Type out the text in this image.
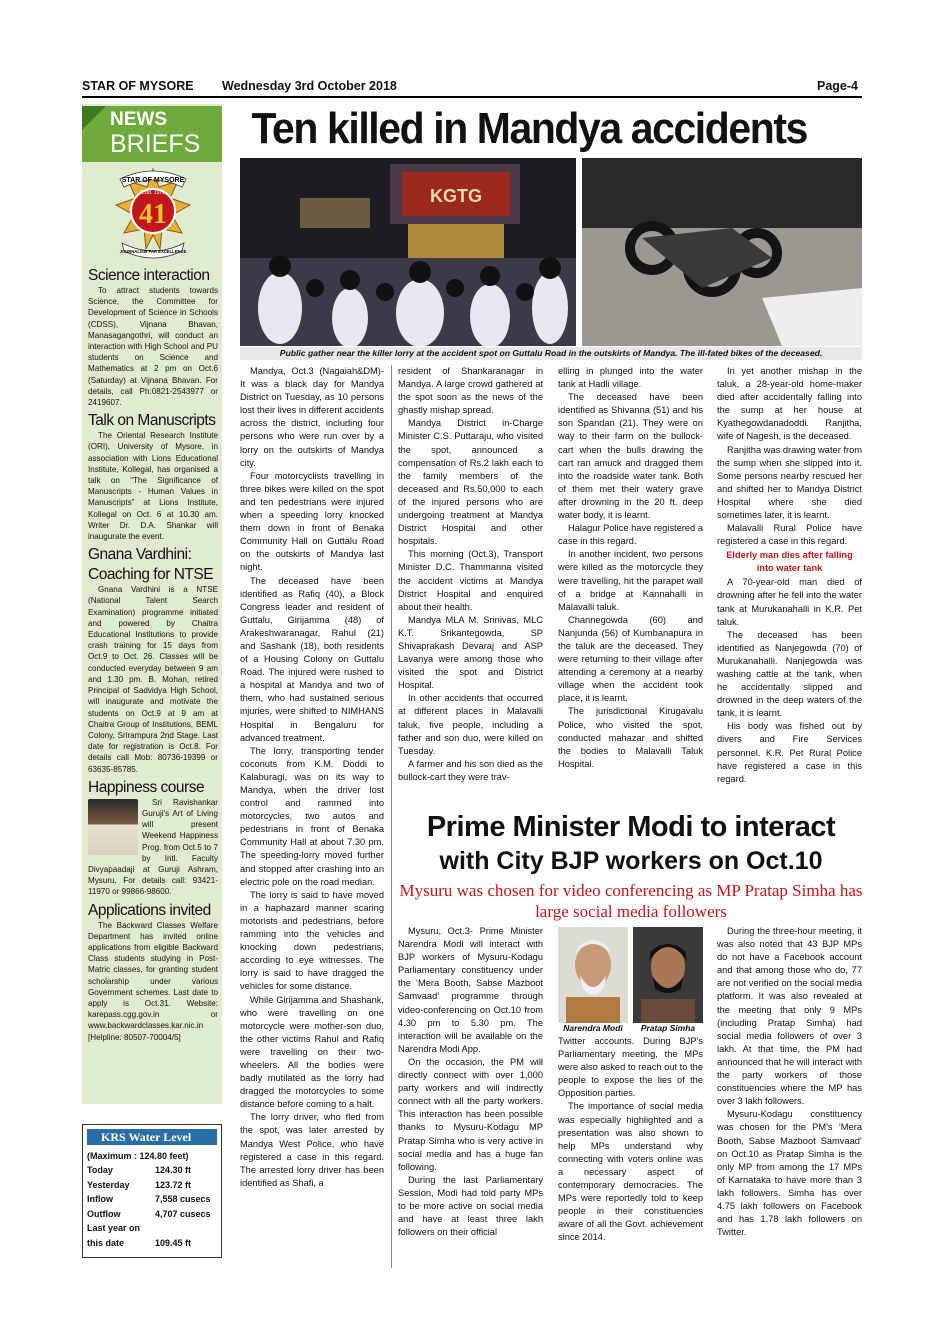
STAR OF MYSORE Wednesday 3rd October 2018	Page-4
NEWS
BRIEFS
STAR OF MYSORE
Estd. 1978
41
JOURNALISM PAR EXCELLENCE
Science interaction
To attract students towards Science, the Committee for Development of Science in Schools (CDSS), Vijnana Bhavan, Manasagangothri, will conduct an interaction with High School and PU students on Science and Mathematics at 2 pm on Oct.6 (Saturday) at Vijnana Bhavan. For details, call Ph:0821-2543977 or 2419607.
Talk on Manuscripts
The Oriental Research Institute (ORI), University of Mysore, in association with Lions Educational Institute, Kollegal, has organised a talk on “The Significance of Manuscripts - Human Values in Manuscripts” at Lions Institute, Kollegal on Oct. 6 at 10.30 am. Writer Dr. D.A. Shankar will inaugurate the event.
Gnana Vardhini:
Coaching for NTSE
Gnana Vardhini is a NTSE (National Talent Search Examination) programme initiated and powered by Chaitra Educational Institutions to provide crash training for 15 days from Oct.9 to Oct. 26. Classes will be conducted everyday between 9 am and 1.30 pm. B. Mohan, retired Principal of Sadvidya High School, will inaugurate and motivate the students on Oct.9 at 9 am at Chaitra Group of Institutions, BEML Colony, Srirampura 2nd Stage. Last date for registration is Oct.8. For details call Mob: 80736-19399 or 63635-85785.
Happiness course
Sri Ravishankar Guruji's Art of Living will present Weekend Happiness Prog. from Oct.5 to 7 by Intl. Faculty Divyapaadaji at Guruji Ashram, Mysuru. For details call: 93421-11970 or 99866-98600.
Applications invited
The Backward Classes Welfare Department has invited online applications from eligible Backward Class students studying in Post-Matric classes, for granting student scholarship under various Government schemes. Last date to apply is Oct.31. Website: karepass.cgg.gov.in or www.backwardclasses.kar.nic.in [Helpline: 80507-70004/5]
KRS Water Level
(Maximum : 124.80 feet)
Today	124.30 ft
Yesterday	123.72 ft
Inflow	7,558 cusecs
Outflow	4,707 cusecs
Last year on
this date	109.45 ft
Ten killed in Mandya accidents
KGTG
Public gather near the killer lorry at the accident spot on Guttalu Road in the outskirts of Mandya. The ill-fated bikes of the deceased.

Mandya, Oct.3 (Nagaiah&DM)- It was a black day for Mandya District on Tuesday, as 10 persons lost their lives in different accidents across the district, including four persons who were run over by a lorry on the outskirts of Mandya city.

Four motorcyclists travelling in three bikes were killed on the spot and ten pedestrians were injured when a speeding lorry knocked them down in front of Benaka Community Hall on Guttalu Road on the outskirts of Mandya last night.

The deceased have been identified as Rafiq (40), a Block Congress leader and resident of Guttalu, Girijamma (48) of Arakeshwaranagar, Rahul (21) and Sashank (18), both residents of a Housing Colony on Guttalu Road. The injured were rushed to a hospital at Mandya and two of them, who had sustained serious injuries, were shifted to NIMHANS Hospital in Bengaluru for advanced treatment.

The lorry, transporting tender coconuts from K.M. Doddi to Kalaburagi, was on its way to Mandya, when the driver lost control and rammed into motorcycles, two autos and pedestrians in front of Benaka Community Hall at about 7.30 pm. The speeding-lorry moved further and stopped after crashing into an electric pole on the road median.

The lorry is said to have moved in a haphazard manner scaring motorists and pedestrians, before ramming into the vehicles and knocking down pedestrians, according to eye witnesses. The lorry is said to have dragged the vehicles for some distance.

While Girijamma and Shashank, who were travelling on one motorcycle were mother-son duo, the other victims Rahul and Rafiq were travelling on their two-wheelers. All the bodies were badly mutilated as the lorry had dragged the motorcycles to some distance before coming to a halt.

The lorry driver, who fled from the spot, was later arrested by Mandya West Police, who have registered a case in this regard. The arrested lorry driver has been identified as Shafi, a

resident of Shankaranagar in Mandya. A large crowd gathered at the spot soon as the news of the ghastly mishap spread.

Mandya District in-Charge Minister C.S. Puttaraju, who visited the spot, announced a compensation of Rs.2 lakh each to the family members of the deceased and Rs.50,000 to each of the injured persons who are undergoing treatment at Mandya District Hospital and other hospitals.

This morning (Oct.3), Transport Minister D.C. Thammanna visited the accident victims at Mandya District Hospital and enquired about their health.

Mandya MLA M. Srinivas, MLC K.T. Srikantegowda, SP Shivaprakash Devaraj and ASP Lavanya were among those who visited the spot and District Hospital.

In other accidents that occurred at different places in Malavalli taluk, five people, including a father and son duo, were killed on Tuesday.

A farmer and his son died as the bullock-cart they were trav-

elling in plunged into the water tank at Hadli village.

The deceased have been identified as Shivanna (51) and his son Spandan (21). They were on way to their farm on the bullock-cart when the bulls drawing the cart ran amuck and dragged them into the roadside water tank. Both of them met their watery grave after drowning in the 20 ft. deep water body, it is learnt.

Halagur Police have registered a case in this regard.

In another incident, two persons were killed as the motorcycle they were travelling, hit the parapet wall of a bridge at Kannahalli in Malavalli taluk.

Channegowda (60) and Nanjunda (56) of Kumbanapura in the taluk are the deceased. They were returning to their village after attending a ceremony at a nearby village when the accident took place, it is learnt.

The jurisdictional Kirugavalu Police, who visited the spot, conducted mahazar and shifted the bodies to Malavalli Taluk Hospital.

In yet another mishap in the taluk, a 28-year-old home-maker died after accidentally falling into the sump at her house at Kyathegowdanadoddi. Ranjitha, wife of Nagesh, is the deceased.

Ranjitha was drawing water from the sump when she slipped into it. Some persons nearby rescued her and shifted her to Mandya District Hospital where she died sometimes later, it is learnt.

Malavalli Rural Police have registered a case in this regard.

Elderly man dies after falling into water tank

A 70-year-old man died of drowning after he fell into the water tank at Murukanahalli in K.R. Pet taluk.

The deceased has been identified as Nanjegowda (70) of Murukanahalli. Nanjegowda was washing cattle at the tank, when he accidentally slipped and drowned in the deep waters of the tank, it is learnt.

His body was fished out by divers and Fire Services personnel. K.R. Pet Rural Police have registered a case in this regard.

Prime Minister Modi to interact
with City BJP workers on Oct.10
Mysuru was chosen for video conferencing as MP Pratap Simha has large social media followers

Mysuru, Oct.3- Prime Minister Narendra Modi will interact with BJP workers of Mysuru-Kodagu Parliamentary constituency under the ‘Mera Booth, Sabse Mazboot Samvaad’ programme through video-conferencing on Oct.10 from 4.30 pm to 5.30 pm. The interaction will be available on the Narendra Modi App.

On the occasion, the PM will directly connect with over 1,000 party workers and will indirectly connect with all the party workers. This interaction has been possible thanks to Mysuru-Kodagu MP Pratap Simha who is very active in social media and has a huge fan following.

During the last Parliamentary Session, Modi had told party MPs to be more active on social media and have at least three lakh followers on their official

Narendra Modi	Pratap Simha

Twitter accounts. During BJP's Parliamentary meeting, the MPs were also asked to reach out to the people to expose the lies of the Opposition parties.

The importance of social media was especially highlighted and a presentation was also shown to help MPs understand why connecting with voters online was a necessary aspect of contemporary democracies. The MPs were reportedly told to keep people in their constituencies aware of all the Govt. achievement since 2014.

During the three-hour meeting, it was also noted that 43 BJP MPs do not have a Facebook account and that among those who do, 77 are not verified on the social media platform. It was also revealed at the meeting that only 9 MPs (including Pratap Simha) had social media followers of over 3 lakh. At that time, the PM had announced that he will interact with the party workers of those constituencies where the MP has over 3 lakh followers.

Mysuru-Kodagu constituency was chosen for the PM's ‘Mera Booth, Sabse Mazboot Samvaad’ on Oct.10 as Pratap Simha is the only MP from among the 17 MPs of Karnataka to have more than 3 lakh followers. Simha has over 4.75 lakh followers on Facebook and has 1.78 lakh followers on Twitter.
